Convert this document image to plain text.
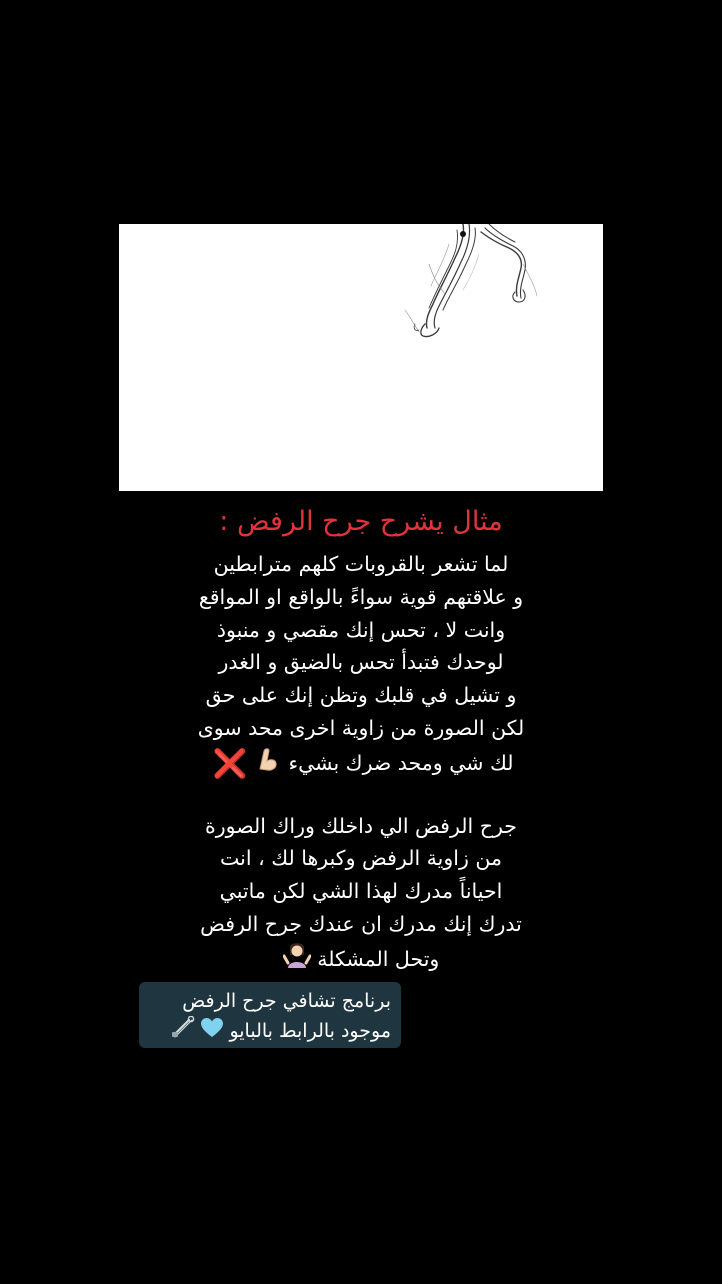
مثال يشرح جرح الرفض :
لما تشعر بالقروبات كلهم مترابطين
و علاقتهم قوية سواءً بالواقع او المواقع
وانت لا ، تحس إنك مقصي و منبوذ
لوحدك فتبدأ تحس بالضيق و الغدر
و تشيل في قلبك وتظن إنك على حق
لكن الصورة من زاوية اخرى محد سوى
لك شي ومحد ضرك بشيء  ❌
جرح الرفض الي داخلك وراك الصورة
من زاوية الرفض وكبرها لك ، انت
احياناً مدرك لهذا الشي لكن ماتبي
تدرك إنك مدرك ان عندك جرح الرفض
وتحل المشكلة
برنامج تشافي جرح الرفض
موجود بالرابط بالبايو
